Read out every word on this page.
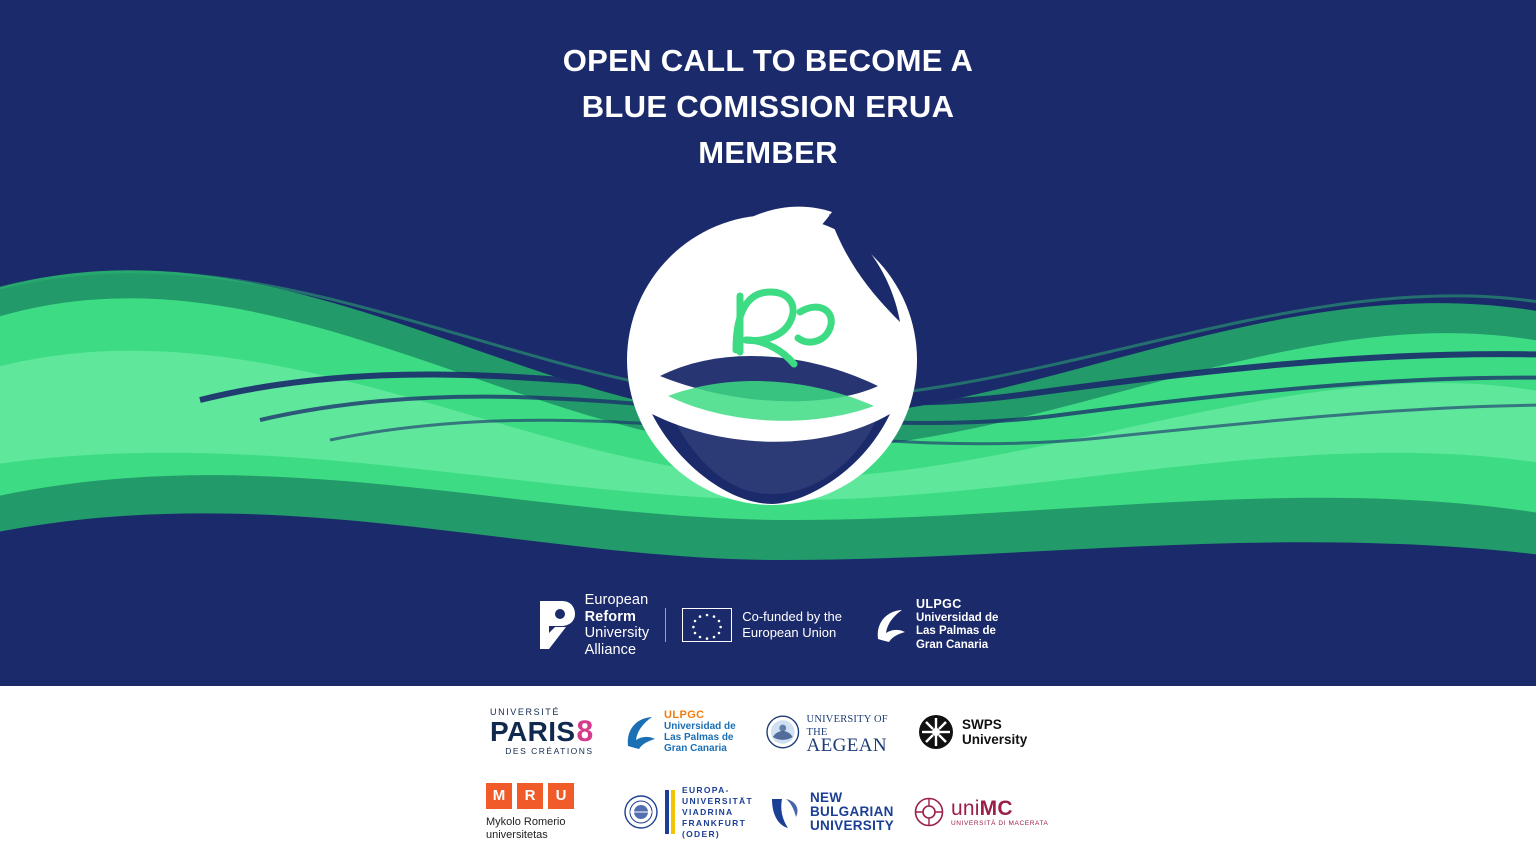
OPEN CALL TO BECOME A
BLUE COMISSION ERUA
MEMBER
European
Reform
University
Alliance
Co-funded by the
European Union
ULPGC
Universidad de
Las Palmas de
Gran Canaria
UNIVERSITÉ
PARIS 8
DES CRÉATIONS
ULPGC
Universidad de
Las Palmas de
Gran Canaria
UNIVERSITY OF THE
AEGEAN
SWPS
University
M	R	U
Mykolo Romerio
universitetas
EUROPA-
UNIVERSITÄT
VIADRINA
FRANKFURT
(ODER)
NEW
BULGARIAN
UNIVERSITY
uniMC
UNIVERSITÀ DI MACERATA
